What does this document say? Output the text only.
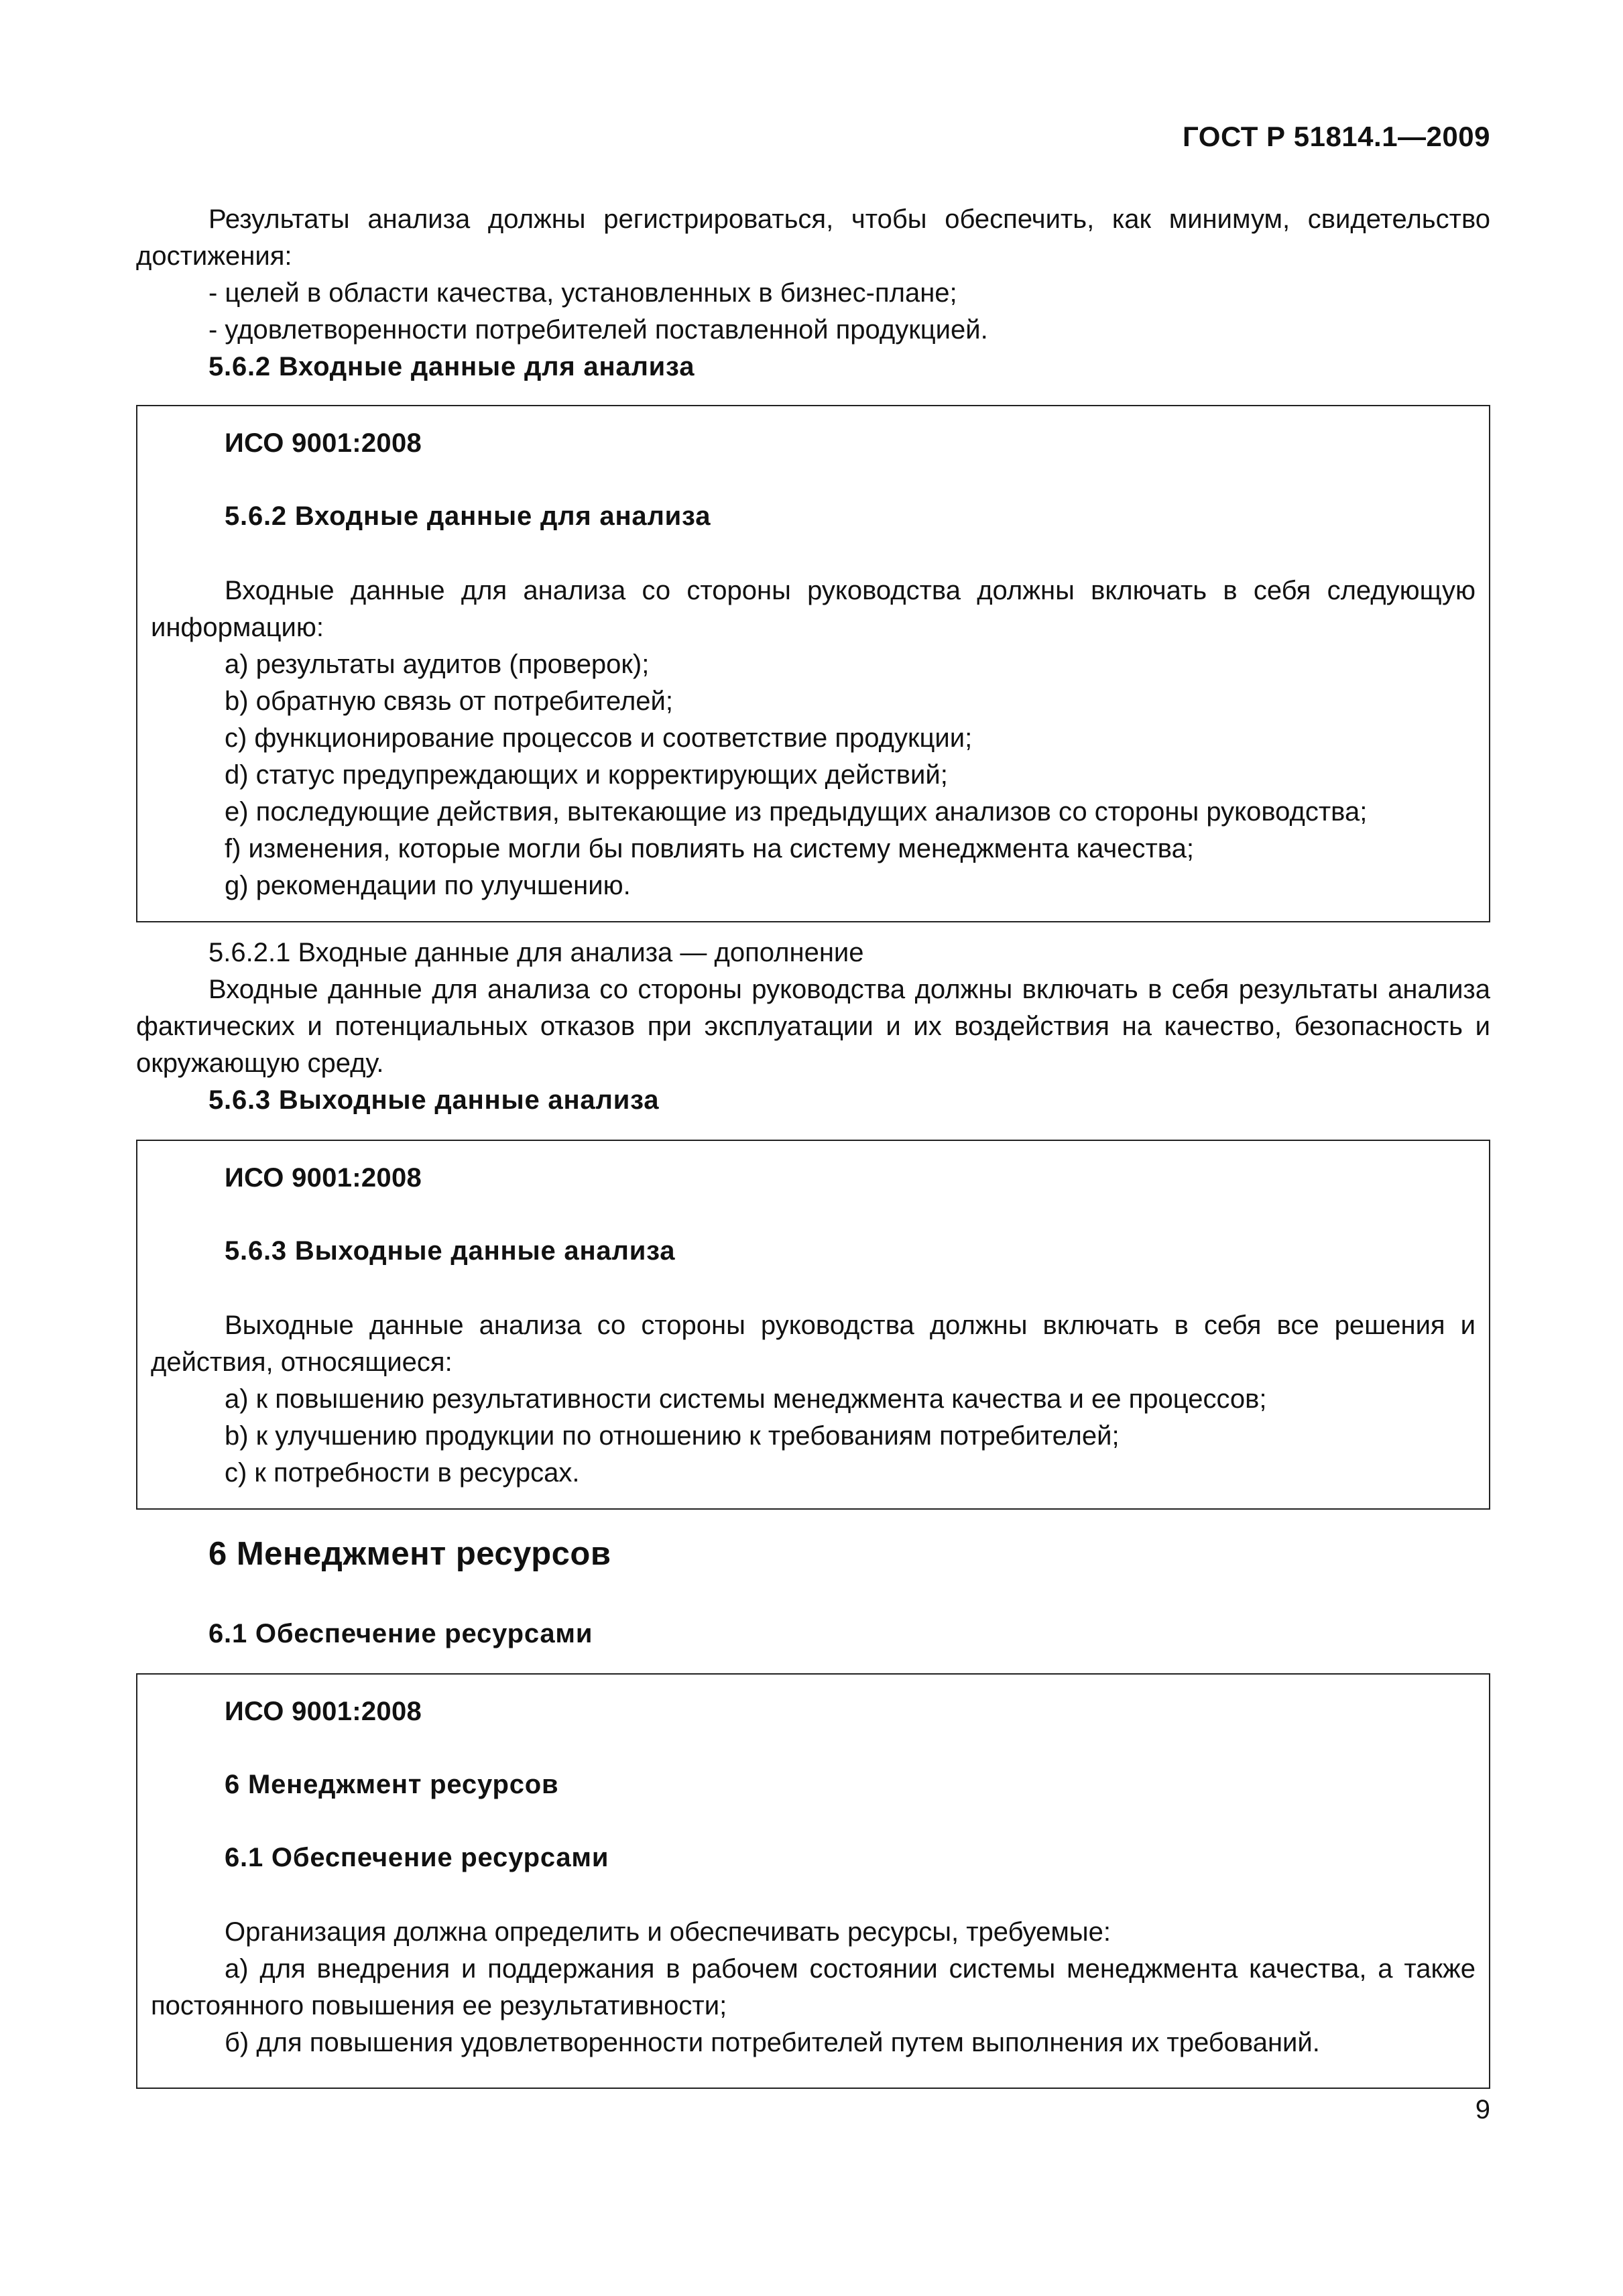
ГОСТ Р 51814.1—2009

Результаты анализа должны регистрироваться, чтобы обеспечить, как минимум, свидетельство достижения:

- целей в области качества, установленных в бизнес-плане;

- удовлетворенности потребителей поставленной продукцией.

5.6.2 Входные данные для анализа

ИСО 9001:2008

5.6.2 Входные данные для анализа

Входные данные для анализа со стороны руководства должны включать в себя следующую информацию:

a) результаты аудитов (проверок);

b) обратную связь от потребителей;

c) функционирование процессов и соответствие продукции;

d) статус предупреждающих и корректирующих действий;

e) последующие действия, вытекающие из предыдущих анализов со стороны руководства;

f) изменения, которые могли бы повлиять на систему менеджмента качества;

g) рекомендации по улучшению.

5.6.2.1 Входные данные для анализа — дополнение

Входные данные для анализа со стороны руководства должны включать в себя результаты анализа фактических и потенциальных отказов при эксплуатации и их воздействия на качество, безопасность и окружающую среду.

5.6.3 Выходные данные анализа

ИСО 9001:2008

5.6.3 Выходные данные анализа

Выходные данные анализа со стороны руководства должны включать в себя все решения и действия, относящиеся:

a) к повышению результативности системы менеджмента качества и ее процессов;

b) к улучшению продукции по отношению к требованиям потребителей;

c) к потребности в ресурсах.

6 Менеджмент ресурсов

6.1 Обеспечение ресурсами

ИСО 9001:2008

6 Менеджмент ресурсов

6.1 Обеспечение ресурсами

Организация должна определить и обеспечивать ресурсы, требуемые:

а) для внедрения и поддержания в рабочем состоянии системы менеджмента качества, а также постоянного повышения ее результативности;

б) для повышения удовлетворенности потребителей путем выполнения их требований.

9
